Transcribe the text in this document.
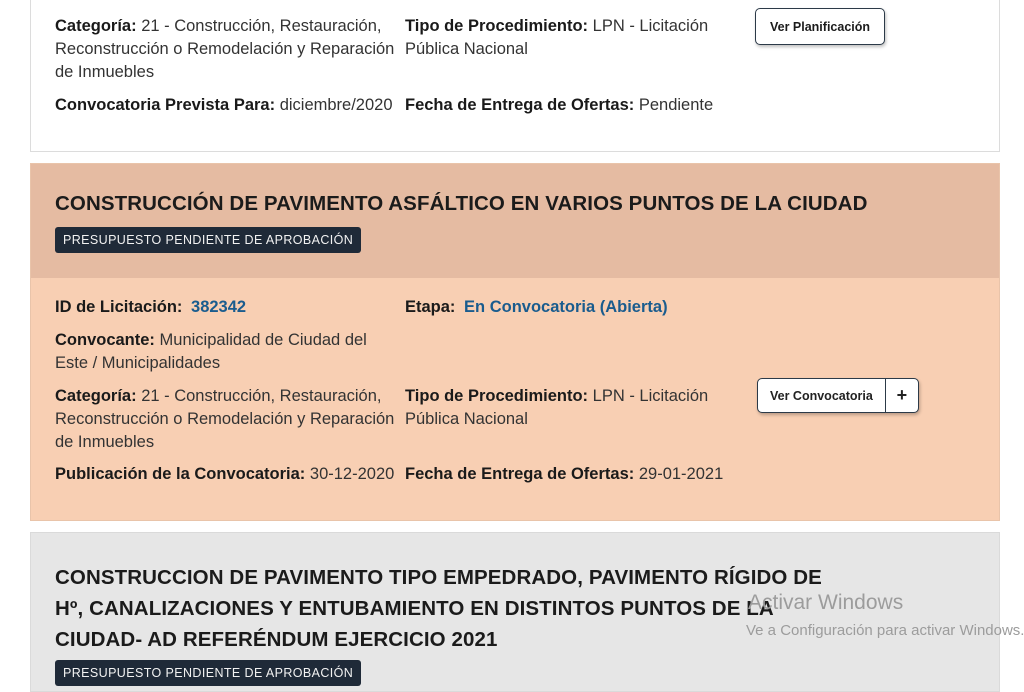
Categoría: 21 - Construcción, Restauración, Reconstrucción o Remodelación y Reparación de Inmuebles
Tipo de Procedimiento: LPN - Licitación Pública Nacional
Ver Planificación
Convocatoria Prevista Para: diciembre/2020 Fecha de Entrega de Ofertas: Pendiente
CONSTRUCCIÓN DE PAVIMENTO ASFÁLTICO EN VARIOS PUNTOS DE LA CIUDAD
PRESUPUESTO PENDIENTE DE APROBACIÓN
ID de Licitación: 382342	Etapa: En Convocatoria (Abierta)
Convocante: Municipalidad de Ciudad del Este / Municipalidades
Categoría: 21 - Construcción, Restauración, Reconstrucción o Remodelación y Reparación de Inmuebles
Tipo de Procedimiento: LPN - Licitación Pública Nacional
Ver Convocatoria	+
Publicación de la Convocatoria: 30-12-2020 Fecha de Entrega de Ofertas: 29-01-2021
CONSTRUCCION DE PAVIMENTO TIPO EMPEDRADO, PAVIMENTO RÍGIDO DE Hº, CANALIZACIONES Y ENTUBAMIENTO EN DISTINTOS PUNTOS DE LA CIUDAD- AD REFERÉNDUM EJERCICIO 2021
PRESUPUESTO PENDIENTE DE APROBACIÓN
Activar Windows
Ve a Configuración para activar Windows.
